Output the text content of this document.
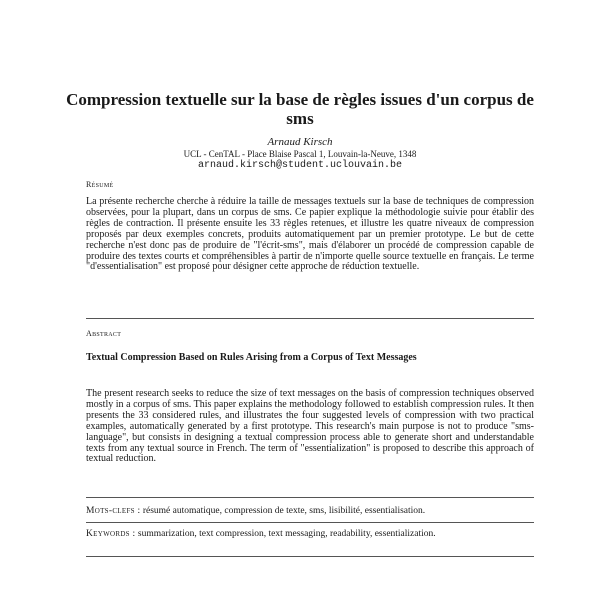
Compression textuelle sur la base de règles issues d'un corpus de sms
Arnaud Kirsch
UCL - CenTAL - Place Blaise Pascal 1, Louvain-la-Neuve, 1348
arnaud.kirsch@student.uclouvain.be
Résumé
La présente recherche cherche à réduire la taille de messages textuels sur la base de techniques de compression observées, pour la plupart, dans un corpus de sms. Ce papier explique la méthodologie suivie pour établir des règles de contraction. Il présente ensuite les 33 règles retenues, et illustre les quatre niveaux de compression proposés par deux exemples concrets, produits automatiquement par un premier prototype. Le but de cette recherche n'est donc pas de produire de "l'écrit-sms", mais d'élaborer un procédé de compression capable de produire des textes courts et compréhensibles à partir de n'importe quelle source textuelle en français. Le terme "d'essentialisation" est proposé pour désigner cette approche de réduction textuelle.
Abstract
Textual Compression Based on Rules Arising from a Corpus of Text Messages
The present research seeks to reduce the size of text messages on the basis of compression techniques observed mostly in a corpus of sms. This paper explains the methodology followed to establish compression rules. It then presents the 33 considered rules, and illustrates the four suggested levels of compression with two practical examples, automatically generated by a first prototype. This research's main purpose is not to produce "sms-language", but consists in designing a textual compression process able to generate short and understandable texts from any textual source in French. The term of "essentialization" is proposed to describe this approach of textual reduction.
Mots-clefs : résumé automatique, compression de texte, sms, lisibilité, essentialisation.
Keywords : summarization, text compression, text messaging, readability, essentialization.
